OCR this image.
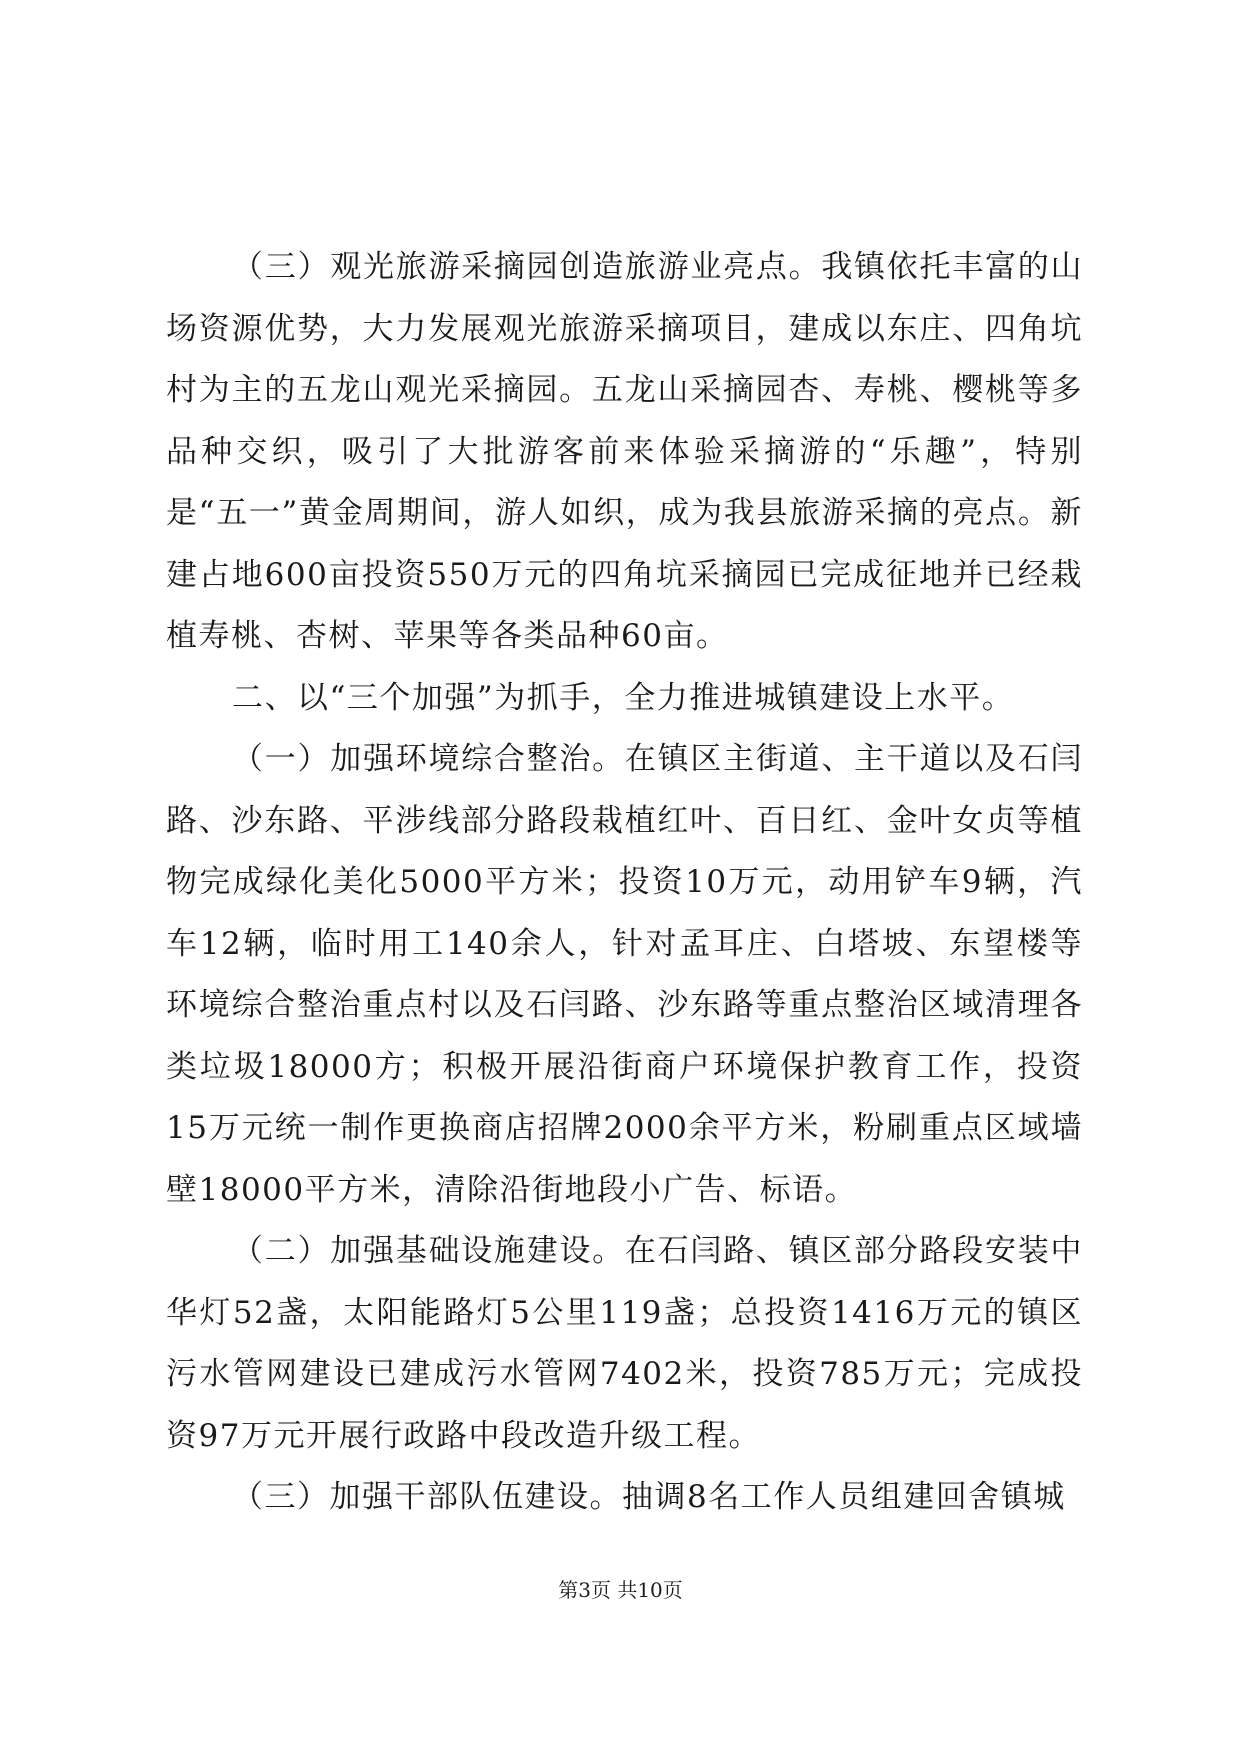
（三）观光旅游采摘园创造旅游业亮点。我镇依托丰富的山场资源优势，大力发展观光旅游采摘项目，建成以东庄、四角坑村为主的五龙山观光采摘园。五龙山采摘园杏、寿桃、樱桃等多品种交织，吸引了大批游客前来体验采摘游的“乐趣”，特别是“五一”黄金周期间，游人如织，成为我县旅游采摘的亮点。新建占地600亩投资550万元的四角坑采摘园已完成征地并已经栽植寿桃、杏树、苹果等各类品种60亩。

二、以“三个加强”为抓手，全力推进城镇建设上水平。

（一）加强环境综合整治。在镇区主街道、主干道以及石闫路、沙东路、平涉线部分路段栽植红叶、百日红、金叶女贞等植物完成绿化美化5000平方米；投资10万元，动用铲车9辆，汽车12辆，临时用工140余人，针对孟耳庄、白塔坡、东望楼等环境综合整治重点村以及石闫路、沙东路等重点整治区域清理各类垃圾18000方；积极开展沿街商户环境保护教育工作，投资15万元统一制作更换商店招牌2000余平方米，粉刷重点区域墙壁18000平方米，清除沿街地段小广告、标语。

（二）加强基础设施建设。在石闫路、镇区部分路段安装中华灯52盏，太阳能路灯5公里119盏；总投资1416万元的镇区污水管网建设已建成污水管网7402米，投资785万元；完成投资97万元开展行政路中段改造升级工程。

（三）加强干部队伍建设。抽调8名工作人员组建回舍镇城

第3页 共10页
